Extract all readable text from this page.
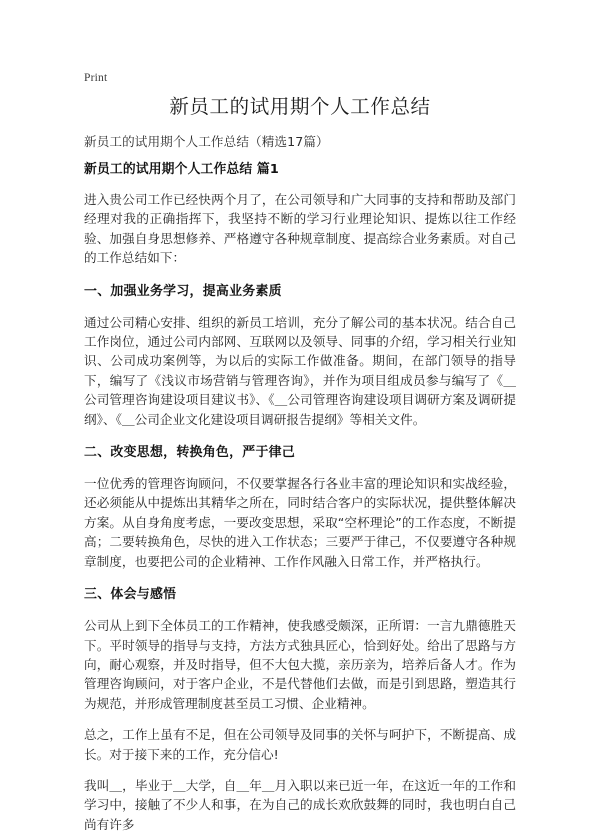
Print
新员工的试用期个人工作总结

新员工的试用期个人工作总结（精选17篇）

新员工的试用期个人工作总结 篇1

进入贵公司工作已经快两个月了，在公司领导和广大同事的支持和帮助及部门经理对我的正确指挥下，我坚持不断的学习行业理论知识、提炼以往工作经验、加强自身思想修养、严格遵守各种规章制度、提高综合业务素质。对自己的工作总结如下：

一、加强业务学习，提高业务素质

通过公司精心安排、组织的新员工培训，充分了解公司的基本状况。结合自己工作岗位，通过公司内部网、互联网以及领导、同事的介绍，学习相关行业知识、公司成功案例等，为以后的实际工作做准备。期间，在部门领导的指导下，编写了《浅议市场营销与管理咨询》，并作为项目组成员参与编写了《＿公司管理咨询建设项目建议书》、《＿公司管理咨询建设项目调研方案及调研提纲》、《＿公司企业文化建设项目调研报告提纲》等相关文件。

二、改变思想，转换角色，严于律己

一位优秀的管理咨询顾问，不仅要掌握各行各业丰富的理论知识和实战经验，还必须能从中提炼出其精华之所在，同时结合客户的实际状况，提供整体解决方案。从自身角度考虑，一要改变思想，采取“空杯理论”的工作态度，不断提高；二要转换角色，尽快的进入工作状态；三要严于律己，不仅要遵守各种规章制度，也要把公司的企业精神、工作作风融入日常工作，并严格执行。

三、体会与感悟

公司从上到下全体员工的工作精神，使我感受颇深，正所谓：一言九鼎德胜天下。平时领导的指导与支持，方法方式独具匠心，恰到好处。给出了思路与方向，耐心观察，并及时指导，但不大包大揽，亲历亲为，培养后备人才。作为管理咨询顾问，对于客户企业，不是代替他们去做，而是引到思路，塑造其行为规范，并形成管理制度甚至员工习惯、企业精神。

总之，工作上虽有不足，但在公司领导及同事的关怀与呵护下，不断提高、成长。对于接下来的工作，充分信心!

我叫＿，毕业于＿大学，自＿年＿月入职以来已近一年，在这近一年的工作和学习中，接触了不少人和事，在为自己的成长欢欣鼓舞的同时，我也明白自己尚有许多
